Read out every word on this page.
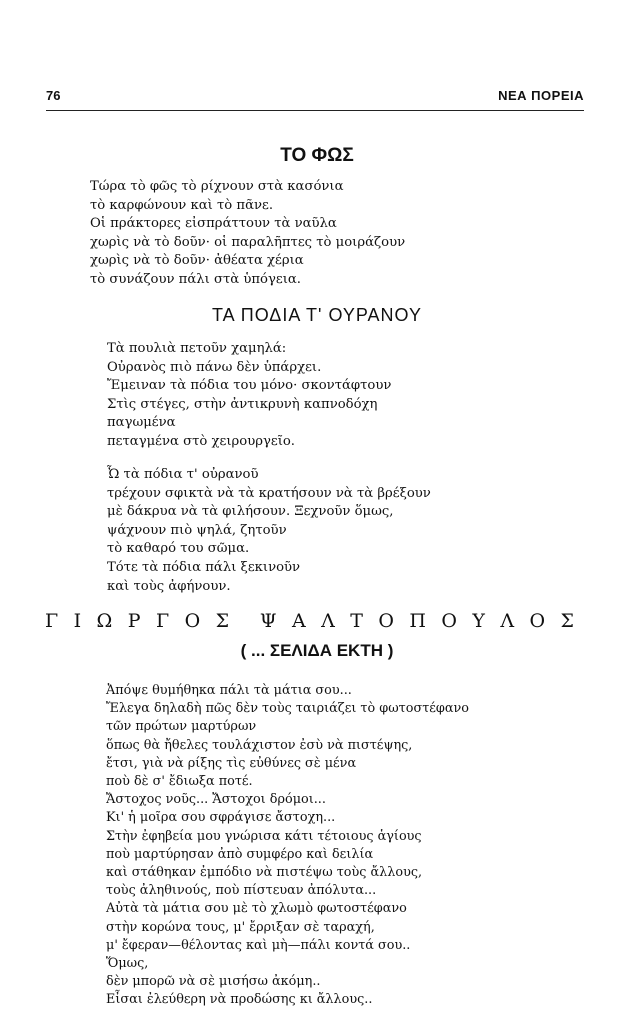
76	ΝΕΑ ΠΟΡΕΙΑ
ΤΟ ΦΩΣ
Τώρα τὸ φῶς τὸ ρίχνουν στὰ κασόνια
τὸ καρφώνουν καὶ τὸ πᾶνε.
Οἱ πράκτορες εἰσπράττουν τὰ ναῦλα
χωρὶς νὰ τὸ δοῦν· οἱ παραλῆπτες τὸ μοιράζουν
χωρὶς νὰ τὸ δοῦν· ἀθέατα χέρια
τὸ συνάζουν πάλι στὰ ὑπόγεια.
ΤΑ ΠΟΔΙΑ Τ' ΟΥΡΑΝΟΥ
Τὰ πουλιὰ πετοῦν χαμηλά:
Οὐρανὸς πιὸ πάνω δὲν ὑπάρχει.
Ἔμειναν τὰ πόδια του μόνο· σκοντάφτουν
Στὶς στέγες, στὴν ἀντικρυνὴ καπνοδόχη
παγωμένα
πεταγμένα στὸ χειρουργεῖο.
Ὦ τὰ πόδια τ' οὐρανοῦ
τρέχουν σφικτὰ νὰ τὰ κρατήσουν νὰ τὰ βρέξουν
μὲ δάκρυα νὰ τὰ φιλήσουν. Ξεχνοῦν ὅμως,
ψάχνουν πιὸ ψηλά, ζητοῦν
τὸ καθαρό του σῶμα.
Τότε τὰ πόδια πάλι ξεκινοῦν
καὶ τοὺς ἀφήνουν.
Γ Ι Ω Ρ Γ Ο Σ Ψ Α Λ Τ Ο Π Ο Υ Λ Ο Σ
( ... ΣΕΛΙΔΑ ΕΚΤΗ )
Ἀπόψε θυμήθηκα πάλι τὰ μάτια σου...
Ἔλεγα δηλαδὴ πῶς δὲν τοὺς ταιριάζει τὸ φωτοστέφανο
τῶν πρώτων μαρτύρων
ὅπως θὰ ἤθελες τουλάχιστον ἐσὺ νὰ πιστέψης,
ἔτσι, γιὰ νὰ ρίξης τὶς εὐθύνες σὲ μένα
ποὺ δὲ σ' ἔδιωξα ποτέ.
Ἄστοχος νοῦς... Ἄστοχοι δρόμοι...
Κι' ἡ μοῖρα σου σφράγισε ἄστοχη...
Στὴν ἐφηβεία μου γνώρισα κάτι τέτοιους ἁγίους
ποὺ μαρτύρησαν ἀπὸ συμφέρο καὶ δειλία
καὶ στάθηκαν ἐμπόδιο νὰ πιστέψω τοὺς ἄλλους,
τοὺς ἀληθινούς, ποὺ πίστευαν ἀπόλυτα...
Αὐτὰ τὰ μάτια σου μὲ τὸ χλωμὸ φωτοστέφανο
στὴν κορώνα τους, μ' ἔρριξαν σὲ ταραχή,
μ' ἔφεραν—θέλοντας καὶ μὴ—πάλι κοντά σου..
Ὅμως,
δὲν μπορῶ νὰ σὲ μισήσω ἀκόμη..
Εἶσαι ἐλεύθερη νὰ προδώσης κι ἄλλους..
